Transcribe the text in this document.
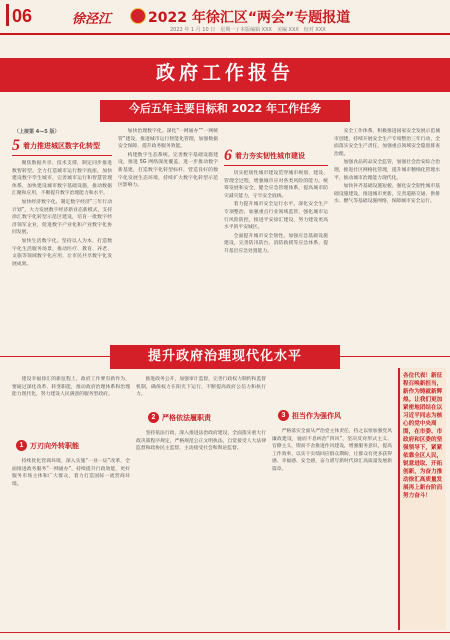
06	徐泾江	2022 年徐汇区“两会”专题报道
2022 年 1 月 10 日　星期一 / 本版编辑 XXX　美编 XXX　校对 XXX
政府工作报告
今后五年主要目标和 2022 年工作任务
（上接第 4—5 版）
5 着力推进城区数字化转型

聚焦数据共享、技术支撑，制定同步推进数智转型。全力打造城市运行数字底座，加快建设数字孪生城市，完善城市运行和智慧管理体系，加快建设城市数字基础设施，推动数据汇聚和应用，不断提升数字治理能力和水平。

加快经济数字化。制定数字经济“三年行动计划”，大力发展数字经济新业态新模式，支持徐汇数字化转型示范区建设，培育一批数字经济领军企业，促进数字产业化和产业数字化协同发展。

加快生活数字化。坚持以人为本，打造数字化生活服务场景，推动医疗、教育、养老、文旅等领域数字化应用，让市民共享数字化发展成果。

加快治理数字化。深化“一网通办”“一网统管”建设，推进城市运行智能化管理，加强数据安全保障，提升政务服务效能。

构建数字生态系统。完善数字基础设施建设，推进 5G 网络深度覆盖，进一步推动数字新基建，打造数字化转型标杆，营造良好的数字化发展生态环境，持续扩大数字化转型示范区影响力。

6 着力夯实韧性城市建设

切实把韧性城市建设贯穿城市规划、建设、管理全过程，增强城市应对各类风险的能力。统筹发展和安全，健全应急管理体系，提高城市防灾减灾能力，守牢安全底线。

着力提升城市安全运行水平。深化安全生产专项整治，加强重点行业领域监管，强化城市运行风险防控，推进平安徐汇建设，努力建设更高水平的平安城区。

全面提升城市安全韧性。加强应急基础设施建设，完善防汛防台、消防救援等应急体系，提升基层应急处置能力。

安全工作体系，积极推进国家安全发展示范城市创建，持续开展安全生产专项整治三年行动，全面落实安全生产责任，加强重点领域安全隐患排查治理。

加强食品药品安全监管，加强社会治安综合治理，推进社区网格化管理，提升城市精细化管理水平，推动城市治理能力现代化。

加快补齐基础设施短板。强化安全韧性城市基础设施建设，推进城市更新，完善道路交通、供排水、燃气等基础设施网络，保障城市安全运行。

提升政府治理现代化水平

建设幸福徐汇的新征程上，政府工作要有新作为，要通过深化改革、转变职能，推动政府治理体系和治理能力现代化，努力建设人民满意的服务型政府。

1 万刃向外转职能

持续优化营商环境，深入实施“一业一证”改革，全面推进政务服务“一网通办”，持续提升行政效能，更好服务市场主体和广大群众，着力打造国际一流营商环境。

2 严格依法履职责

推进政务公开，加强审计监督，完善行政权力制约和监督机制，确保权力在阳光下运行，不断提高政府公信力和执行力。

坚持依法行政，深入推进法治政府建设，全面落实重大行政决策程序规定，严格规范公正文明执法，自觉接受人大法律监督和政协民主监督，主动接受社会和舆论监督。

3 担当作为强作风

严格落实全面从严治党主体责任，持之以恒加强党风廉政建设，驰而不息纠治“四风”，坚决反对形式主义、官僚主义，锲而不舍推进作风建设，增强服务意识，提高工作效率，以实干实绩回应群众期盼，让群众有更多获得感、幸福感、安全感，奋力谱写新时代徐汇高质量发展新篇章。

各位代表！新征程召唤新担当，新作为铸就新辉煌。让我们更加紧密地团结在以习近平同志为核心的党中央周围，在市委、市政府和区委的坚强领导下，紧紧依靠全区人民，锐意进取、开拓创新，为奋力推动徐汇高质量发展再上新台阶而努力奋斗！
